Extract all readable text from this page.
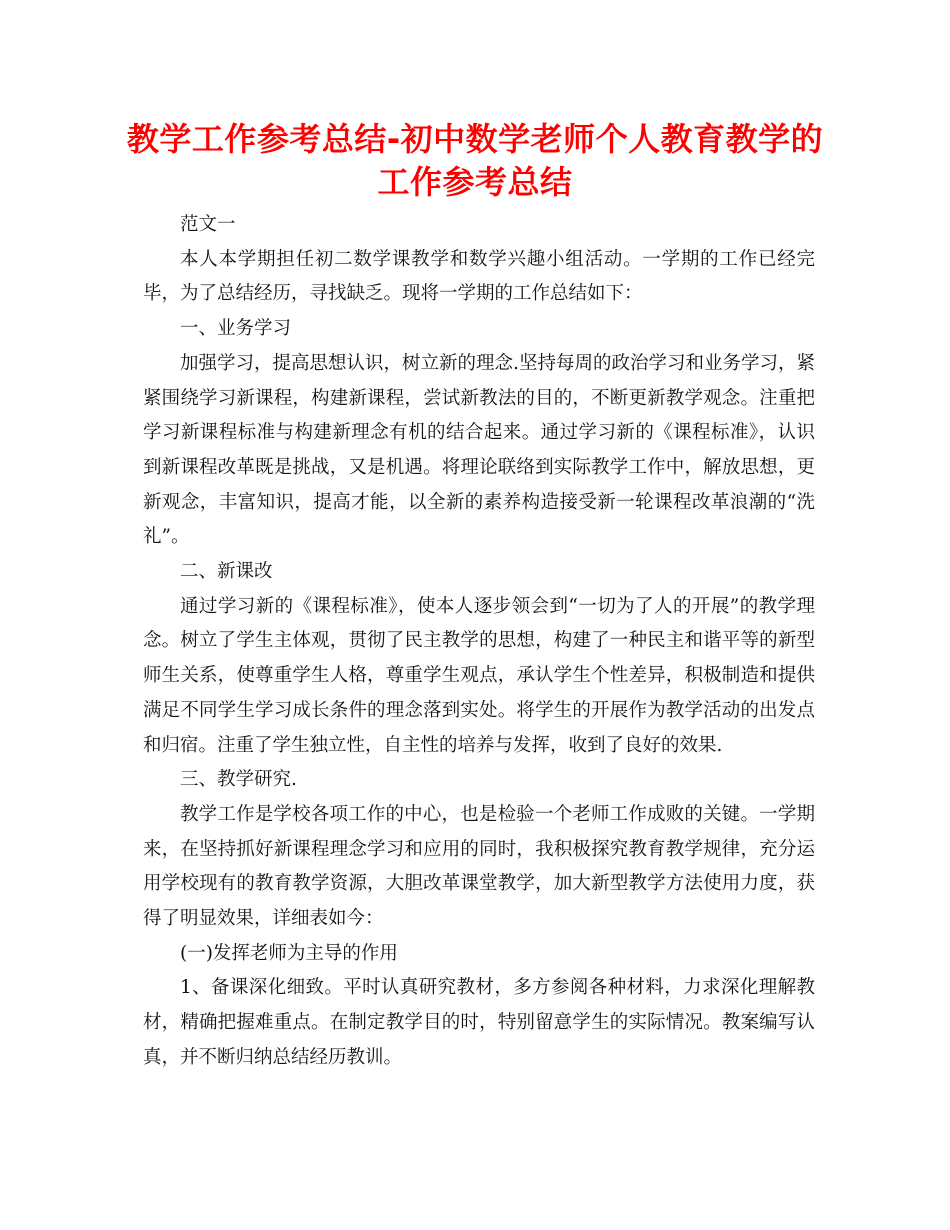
教学工作参考总结-初中数学老师个人教育教学的工作参考总结

范文一

本人本学期担任初二数学课教学和数学兴趣小组活动。一学期的工作已经完毕，为了总结经历，寻找缺乏。现将一学期的工作总结如下：

一、业务学习

加强学习，提高思想认识，树立新的理念.坚持每周的政治学习和业务学习，紧紧围绕学习新课程，构建新课程，尝试新教法的目的，不断更新教学观念。注重把学习新课程标准与构建新理念有机的结合起来。通过学习新的《课程标准》，认识到新课程改革既是挑战，又是机遇。将理论联络到实际教学工作中，解放思想，更新观念，丰富知识，提高才能，以全新的素养构造接受新一轮课程改革浪潮的“洗礼”。

二、新课改

通过学习新的《课程标准》，使本人逐步领会到“一切为了人的开展”的教学理念。树立了学生主体观，贯彻了民主教学的思想，构建了一种民主和谐平等的新型师生关系，使尊重学生人格，尊重学生观点，承认学生个性差异，积极制造和提供满足不同学生学习成长条件的理念落到实处。将学生的开展作为教学活动的出发点和归宿。注重了学生独立性，自主性的培养与发挥，收到了良好的效果.

三、教学研究.

教学工作是学校各项工作的中心，也是检验一个老师工作成败的关键。一学期来，在坚持抓好新课程理念学习和应用的同时，我积极探究教育教学规律，充分运用学校现有的教育教学资源，大胆改革课堂教学，加大新型教学方法使用力度，获得了明显效果，详细表如今：

(一)发挥老师为主导的作用

1、备课深化细致。平时认真研究教材，多方参阅各种材料，力求深化理解教材，精确把握难重点。在制定教学目的时，特别留意学生的实际情况。教案编写认真，并不断归纳总结经历教训。
